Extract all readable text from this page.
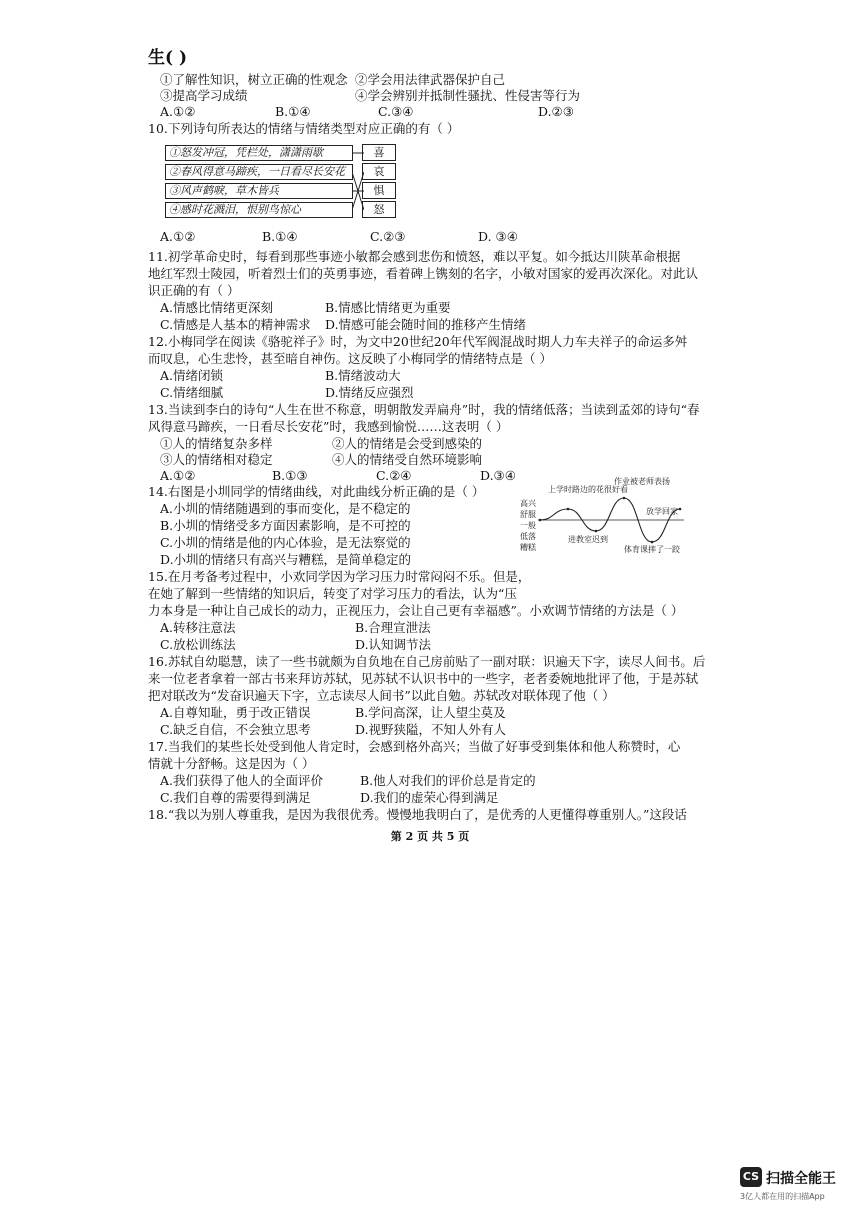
生( )
①了解性知识，树立正确的性观念 ②学会用法律武器保护自己
③提高学习成绩	④学会辨别并抵制性骚扰、性侵害等行为
A.①②	B.①④	C.③④	D.②③
10.下列诗句所表达的情绪与情绪类型对应正确的有（ ）
①怒发冲冠，凭栏处，潇潇雨歇
②春风得意马蹄疾，一日看尽长安花
③风声鹤唳，草木皆兵
④感时花溅泪，恨别鸟惊心
喜
哀
惧
怒
A.①②	B.①④	C.②③	D. ③④
11.初学革命史时，每看到那些事迹小敏都会感到悲伤和愤怒，难以平复。如今抵达川陕革命根据
地红军烈士陵园，听着烈士们的英勇事迹，看着碑上镌刻的名字，小敏对国家的爱再次深化。对此认
识正确的有（ ）
A.情感比情绪更深刻	B.情感比情绪更为重要
C.情感是人基本的精神需求 D.情感可能会随时间的推移产生情绪
12.小梅同学在阅读《骆驼祥子》时，为文中20世纪20年代军阀混战时期人力车夫祥子的命运多舛
而叹息，心生悲怜，甚至暗自神伤。这反映了小梅同学的情绪特点是（ ）
A.情绪闭锁	B.情绪波动大
C.情绪细腻	D.情绪反应强烈
13.当读到李白的诗句“人生在世不称意，明朝散发弄扁舟”时，我的情绪低落；当读到孟郊的诗句“春
风得意马蹄疾，一日看尽长安花”时，我感到愉悦……这表明（ ）
①人的情绪复杂多样	②人的情绪是会受到感染的
③人的情绪相对稳定	④人的情绪受自然环境影响
A.①②	B.①③	C.②④	D.③④
14.右图是小圳同学的情绪曲线，对此曲线分析正确的是（ ）
A.小圳的情绪随遇到的事而变化，是不稳定的
B.小圳的情绪受多方面因素影响，是不可控的
C.小圳的情绪是他的内心体验，是无法察觉的
D.小圳的情绪只有高兴与糟糕，是简单稳定的
高兴
舒服
一般
低落
糟糕
上学时路边的花很好看
作业被老师表扬
放学回家
进教室迟到
体育课摔了一跤
15.在月考备考过程中，小欢同学因为学习压力时常闷闷不乐。但是，
在她了解到一些情绪的知识后，转变了对学习压力的看法，认为“压
力本身是一种让自己成长的动力，正视压力，会让自己更有幸福感”。小欢调节情绪的方法是（ ）
A.转移注意法	B.合理宣泄法
C.放松训练法	D.认知调节法
16.苏轼自幼聪慧，读了一些书就颇为自负地在自己房前贴了一副对联：识遍天下字，读尽人间书。后
来一位老者拿着一部古书来拜访苏轼，见苏轼不认识书中的一些字，老者委婉地批评了他，于是苏轼
把对联改为“发奋识遍天下字，立志读尽人间书”以此自勉。苏轼改对联体现了他（ ）
A.自尊知耻，勇于改正错误	B.学问高深，让人望尘莫及
C.缺乏自信，不会独立思考	D.视野狭隘，不知人外有人
17.当我们的某些长处受到他人肯定时，会感到格外高兴；当做了好事受到集体和他人称赞时，心
情就十分舒畅。这是因为（ ）
A.我们获得了他人的全面评价	B.他人对我们的评价总是肯定的
C.我们自尊的需要得到满足	D.我们的虚荣心得到满足
18.“我以为别人尊重我，是因为我很优秀。慢慢地我明白了，是优秀的人更懂得尊重别人。”这段话
第 2 页 共 5 页
CS 扫描全能王
3亿人都在用的扫描App
